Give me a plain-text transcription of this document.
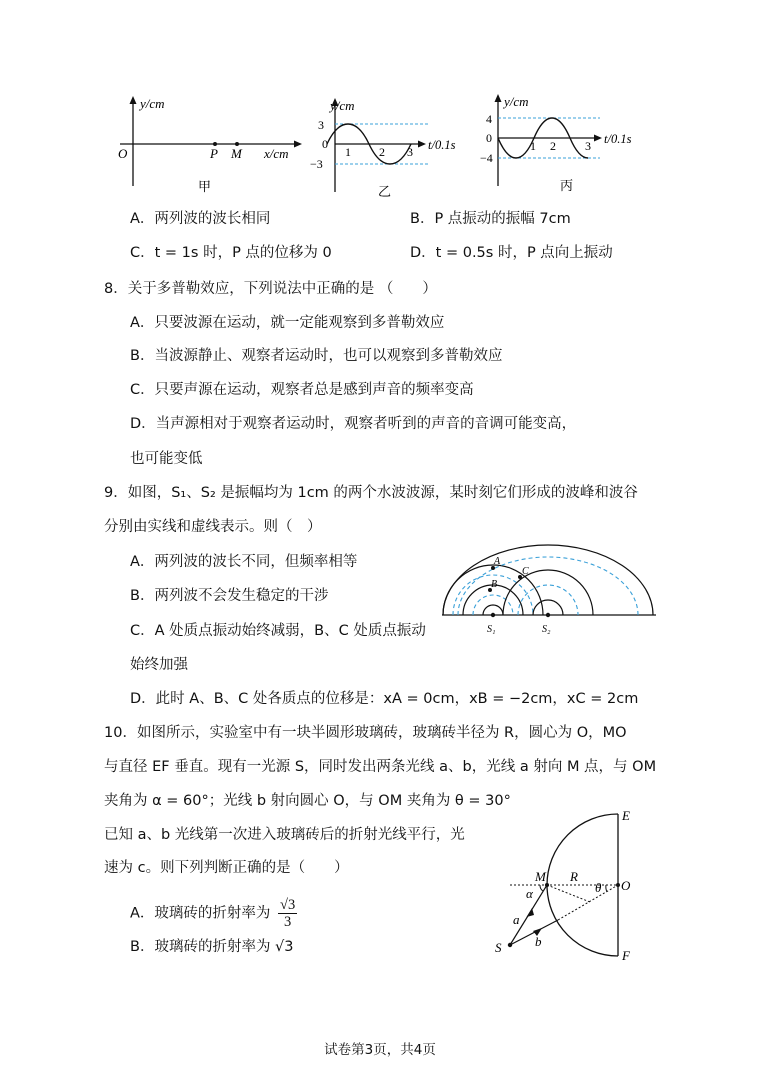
y/cm
O	P M x/cm
甲
y/cm
3
0
−3
1 2 3 t/0.1s
乙
y/cm
4
0
−4
1 2 3 t/0.1s
丙
A．两列波的波长相同	B．P 点振动的振幅 7cm
C．t = 1s 时，P 点的位移为 0	D．t = 0.5s 时，P 点向上振动
8．关于多普勒效应，下列说法中正确的是 （　　）
A．只要波源在运动，就一定能观察到多普勒效应
B．当波源静止、观察者运动时，也可以观察到多普勒效应
C．只要声源在运动，观察者总是感到声音的频率变高
D．当声源相对于观察者运动时，观察者听到的声音的音调可能变高，
也可能变低
9．如图，S₁、S₂ 是振幅均为 1cm 的两个水波波源，某时刻它们形成的波峰和波谷
分别由实线和虚线表示。则（　）
A．两列波的波长不同，但频率相等
B．两列波不会发生稳定的干涉
C．A 处质点振动始终减弱，B、C 处质点振动
始终加强
D．此时 A、B、C 处各质点的位移是：xA = 0cm，xB = −2cm，xC = 2cm
A
B
C
S₁	S₂
10．如图所示，实验室中有一块半圆形玻璃砖，玻璃砖半径为 R，圆心为 O，MO
与直径 EF 垂直。现有一光源 S，同时发出两条光线 a、b，光线 a 射向 M 点，与 OM
夹角为 α = 60°；光线 b 射向圆心 O，与 OM 夹角为 θ = 30°
已知 a、b 光线第一次进入玻璃砖后的折射光线平行，光
速为 c。则下列判断正确的是（　　）
A．玻璃砖的折射率为 $\frac{√3}{3}$
B．玻璃砖的折射率为 √3
E
F
M
O
R
S
α	θ
a
b
试卷第3页，共4页
